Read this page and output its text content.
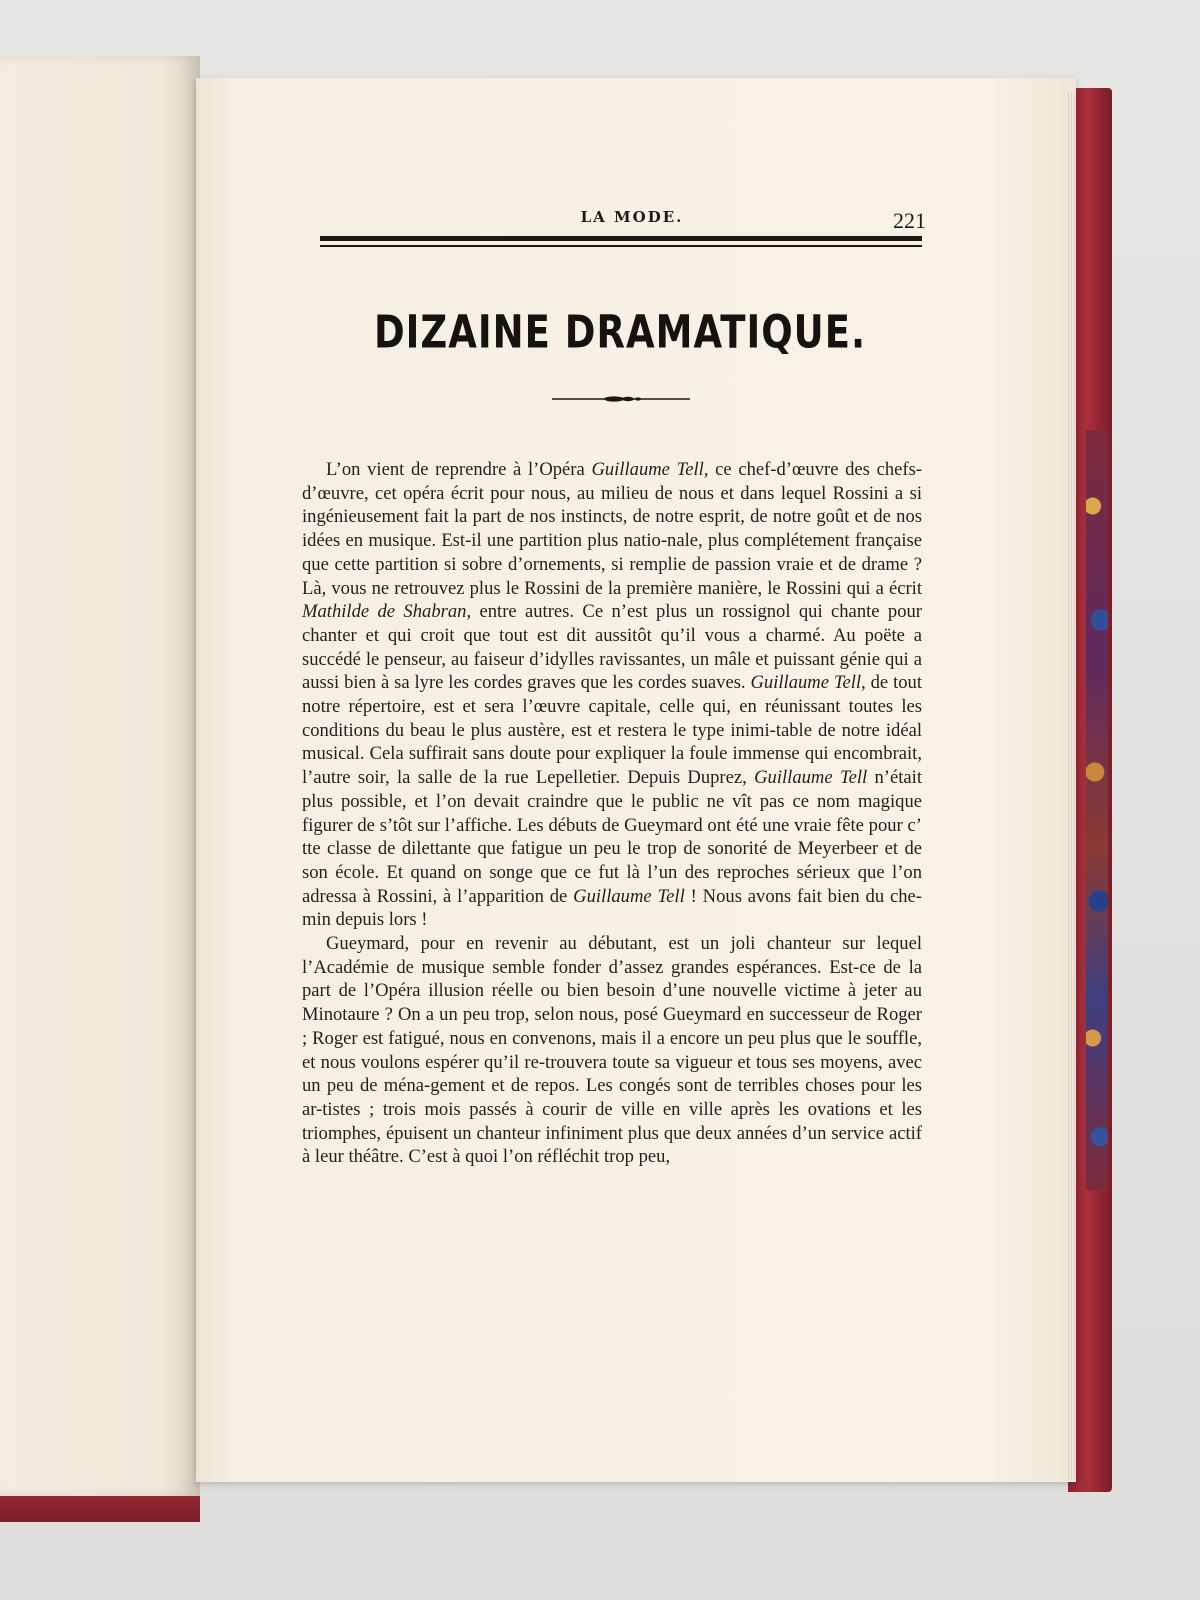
LA MODE.	221
DIZAINE DRAMATIQUE.

L’on vient de reprendre à l’Opéra Guillaume Tell, ce chef-d’œuvre des chefs-d’œuvre, cet opéra écrit pour nous, au milieu de nous et dans lequel Rossini a si ingénieusement fait la part de nos instincts, de notre esprit, de notre goût et de nos idées en musique. Est-il une partition plus natio-nale, plus complétement française que cette partition si sobre d’ornements, si remplie de passion vraie et de drame ? Là, vous ne retrouvez plus le Rossini de la première manière, le Rossini qui a écrit Mathilde de Shabran, entre autres. Ce n’est plus un rossignol qui chante pour chanter et qui croit que tout est dit aussitôt qu’il vous a charmé. Au poëte a succédé le penseur, au faiseur d’idylles ravissantes, un mâle et puissant génie qui a aussi bien à sa lyre les cordes graves que les cordes suaves. Guillaume Tell, de tout notre répertoire, est et sera l’œuvre capitale, celle qui, en réunissant toutes les conditions du beau le plus austère, est et restera le type inimi-table de notre idéal musical. Cela suffirait sans doute pour expliquer la foule immense qui encombrait, l’autre soir, la salle de la rue Lepelletier. Depuis Duprez, Guillaume Tell n’était plus possible, et l’on devait craindre que le public ne vît pas ce nom magique figurer de s’tôt sur l’affiche. Les débuts de Gueymard ont été une vraie fête pour c’ tte classe de dilettante que fatigue un peu le trop de sonorité de Meyerbeer et de son école. Et quand on songe que ce fut là l’un des reproches sérieux que l’on adressa à Rossini, à l’apparition de Guillaume Tell ! Nous avons fait bien du che-min depuis lors !

Gueymard, pour en revenir au débutant, est un joli chanteur sur lequel l’Académie de musique semble fonder d’assez grandes espérances. Est-ce de la part de l’Opéra illusion réelle ou bien besoin d’une nouvelle victime à jeter au Minotaure ? On a un peu trop, selon nous, posé Gueymard en successeur de Roger ; Roger est fatigué, nous en convenons, mais il a encore un peu plus que le souffle, et nous voulons espérer qu’il re-trouvera toute sa vigueur et tous ses moyens, avec un peu de ména-gement et de repos. Les congés sont de terribles choses pour les ar-tistes ; trois mois passés à courir de ville en ville après les ovations et les triomphes, épuisent un chanteur infiniment plus que deux années d’un service actif à leur théâtre. C’est à quoi l’on réfléchit trop peu,
